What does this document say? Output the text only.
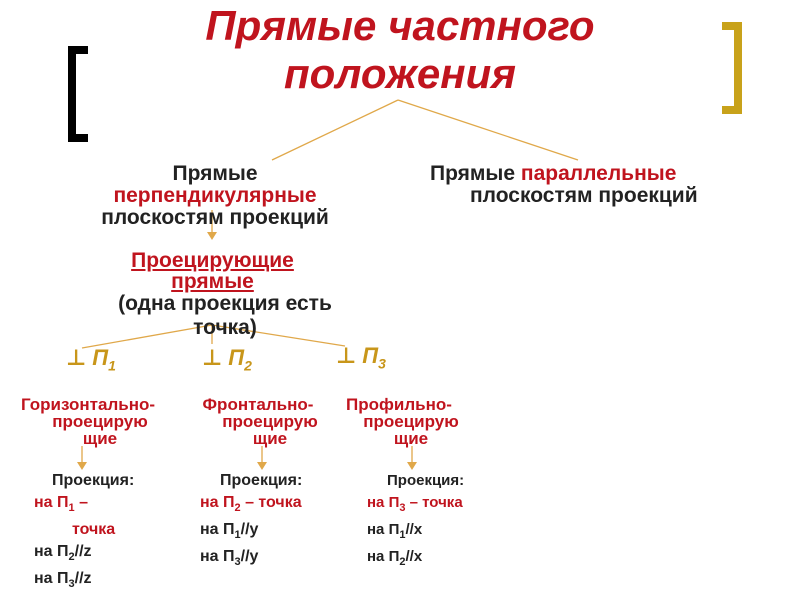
Прямые частного
положения
Прямые
перпендикулярные
плоскостям проекций
Прямые параллельные
плоскостям проекций
Проецирующие
прямые
(одна проекция есть
точка)
⊥ $П_1$	⊥ $П_2$	⊥ $П_3$
Горизонтально-
проецирую
щие
Фронтально-
проецирую
щие
Профильно-
проецирую
щие
Проекция:
на $П_1$ –
точка
на $П_2//z$
на $П_3//z$
Проекция:
на $П_2$ – точка
на $П_1//y$
на $П_3//y$
Проекция:
на $П_3$ – точка
на $П_1//x$
на $П_2//x$
